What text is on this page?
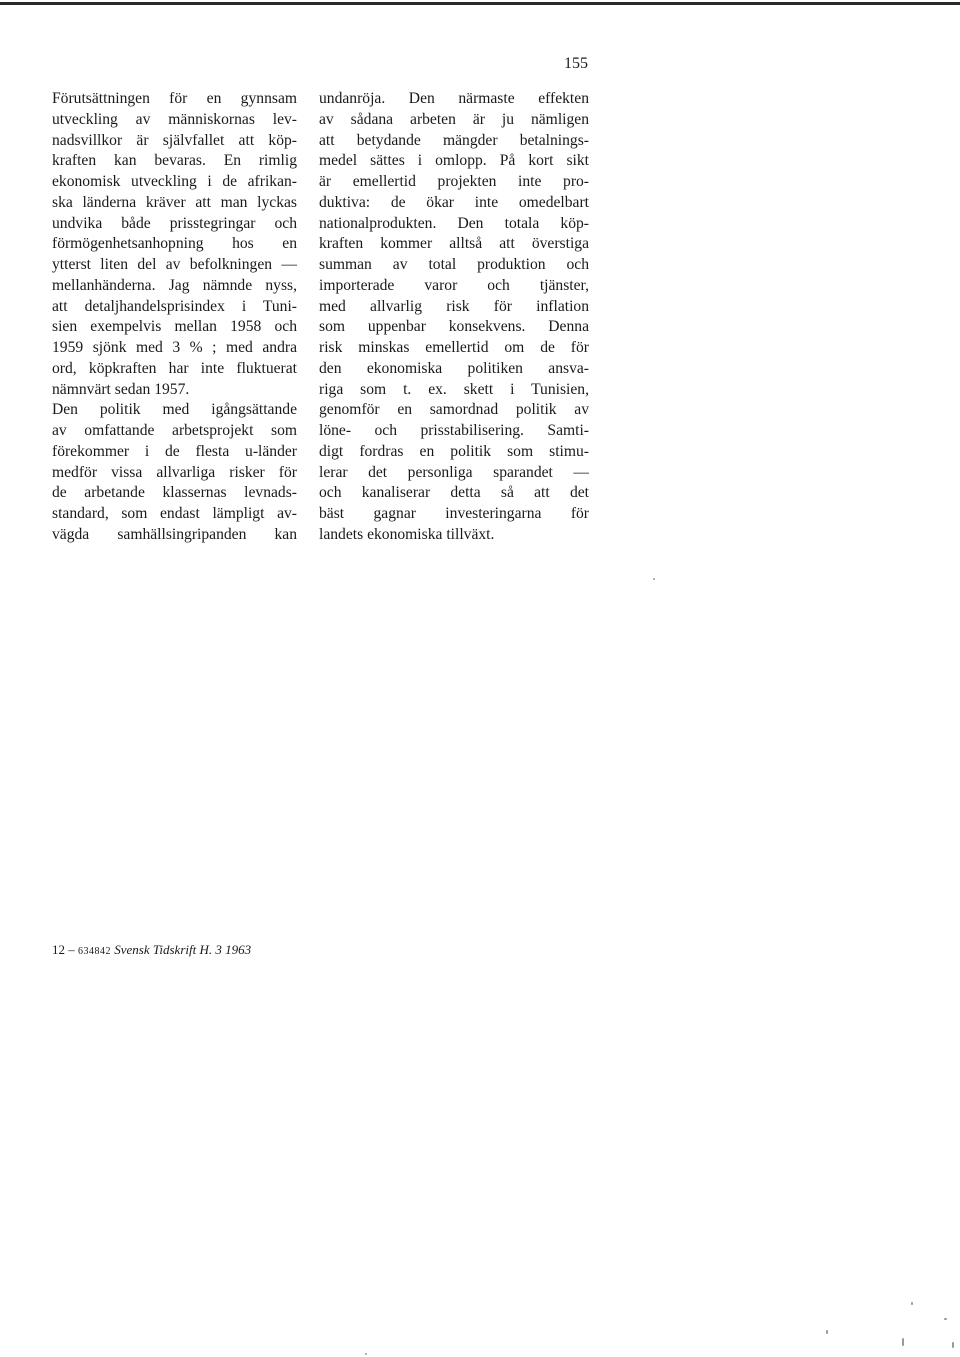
155
Förutsättningen för en gynnsam
utveckling av människornas lev-
nadsvillkor är självfallet att köp-
kraften kan bevaras. En rimlig
ekonomisk utveckling i de afrikan-
ska länderna kräver att man lyckas
undvika både prisstegringar och
förmögenhetsanhopning hos en
ytterst liten del av befolkningen —
mellanhänderna. Jag nämnde nyss,
att detaljhandelsprisindex i Tuni-
sien exempelvis mellan 1958 och
1959 sjönk med 3 % ; med andra
ord, köpkraften har inte fluktuerat
nämnvärt sedan 1957.
Den politik med igångsättande
av omfattande arbetsprojekt som
förekommer i de flesta u-länder
medför vissa allvarliga risker för
de arbetande klassernas levnads-
standard, som endast lämpligt av-
vägda samhällsingripanden kan
undanröja. Den närmaste effekten
av sådana arbeten är ju nämligen
att betydande mängder betalnings-
medel sättes i omlopp. På kort sikt
är emellertid projekten inte pro-
duktiva: de ökar inte omedelbart
nationalprodukten. Den totala köp-
kraften kommer alltså att överstiga
summan av total produktion och
importerade varor och tjänster,
med allvarlig risk för inflation
som uppenbar konsekvens. Denna
risk minskas emellertid om de för
den ekonomiska politiken ansva-
riga som t. ex. skett i Tunisien,
genomför en samordnad politik av
löne- och prisstabilisering. Samti-
digt fordras en politik som stimu-
lerar det personliga sparandet —
och kanaliserar detta så att det
bäst gagnar investeringarna för
landets ekonomiska tillväxt.
12 – 634842 Svensk Tidskrift H. 3 1963
